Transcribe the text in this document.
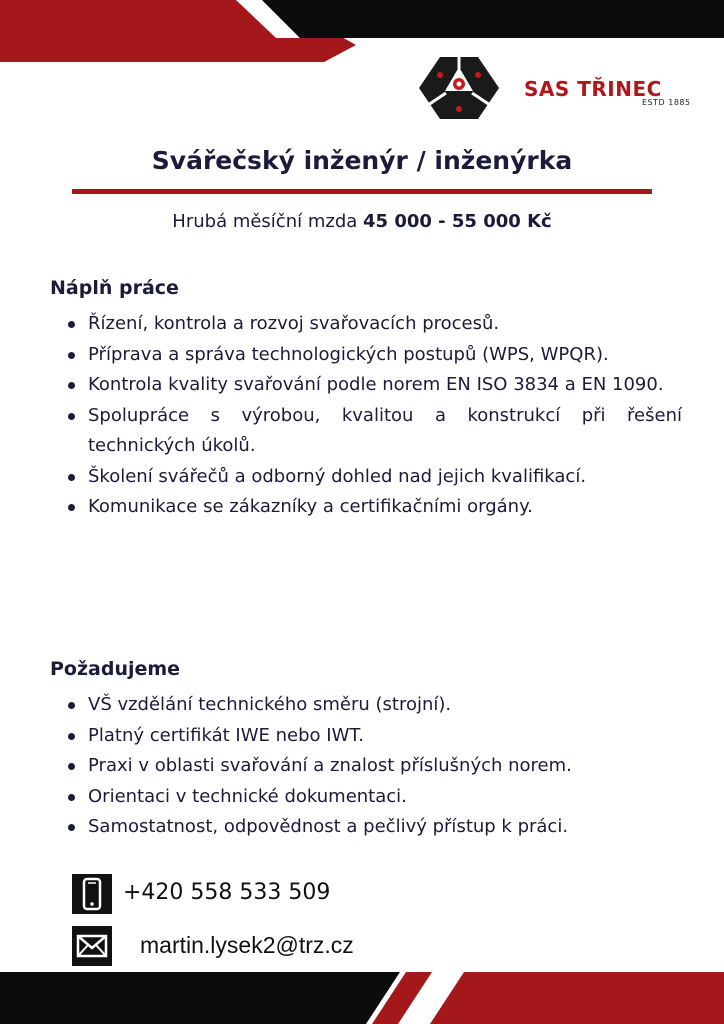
SAS TŘINEC
ESTD 1885
Svářečský inženýr / inženýrka
Hrubá měsíční mzda 45 000 - 55 000 Kč
Náplň práce
Řízení, kontrola a rozvoj svařovacích procesů.
Příprava a správa technologických postupů (WPS, WPQR).
Kontrola kvality svařování podle norem EN ISO 3834 a EN 1090.
Spolupráce s výrobou, kvalitou a konstrukcí při řešení technických úkolů.
Školení svářečů a odborný dohled nad jejich kvalifikací.
Komunikace se zákazníky a certifikačními orgány.
Požadujeme
VŠ vzdělání technického směru (strojní).
Platný certifikát IWE nebo IWT.
Praxi v oblasti svařování a znalost příslušných norem.
Orientaci v technické dokumentaci.
Samostatnost, odpovědnost a pečlivý přístup k práci.
+420 558 533 509
martin.lysek2@trz.cz
